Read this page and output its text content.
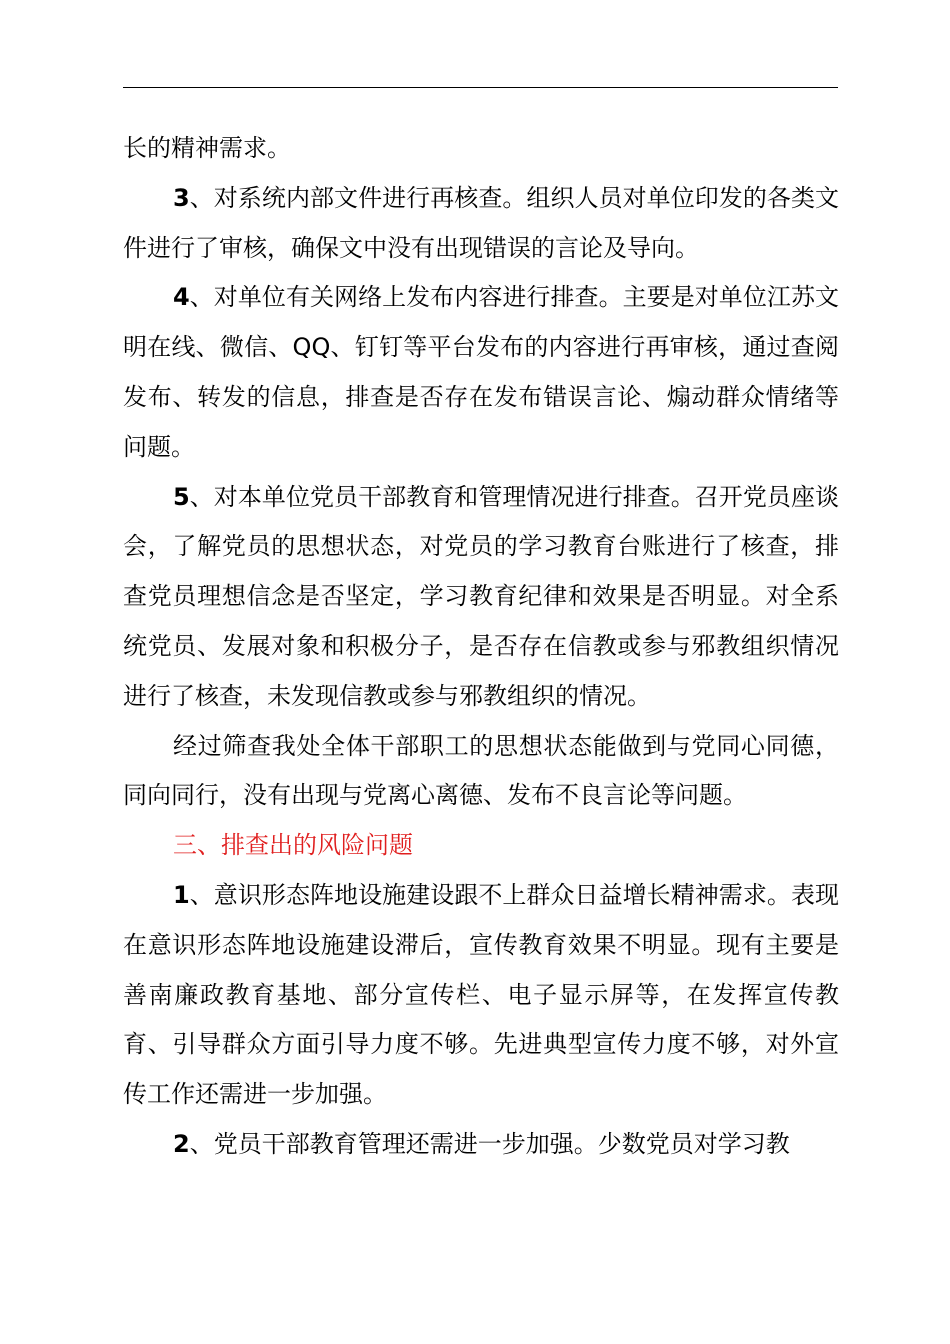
长的精神需求。

3、对系统内部文件进行再核查。组织人员对单位印发的各类文件进行了审核，确保文中没有出现错误的言论及导向。

4、对单位有关网络上发布内容进行排查。主要是对单位江苏文明在线、微信、QQ、钉钉等平台发布的内容进行再审核，通过查阅发布、转发的信息，排查是否存在发布错误言论、煽动群众情绪等问题。

5、对本单位党员干部教育和管理情况进行排查。召开党员座谈会，了解党员的思想状态，对党员的学习教育台账进行了核查，排查党员理想信念是否坚定，学习教育纪律和效果是否明显。对全系统党员、发展对象和积极分子，是否存在信教或参与邪教组织情况进行了核查，未发现信教或参与邪教组织的情况。

经过筛查我处全体干部职工的思想状态能做到与党同心同德，同向同行，没有出现与党离心离德、发布不良言论等问题。

三、排查出的风险问题

1、意识形态阵地设施建设跟不上群众日益增长精神需求。表现在意识形态阵地设施建设滞后，宣传教育效果不明显。现有主要是善南廉政教育基地、部分宣传栏、电子显示屏等，在发挥宣传教育、引导群众方面引导力度不够。先进典型宣传力度不够，对外宣传工作还需进一步加强。

2、党员干部教育管理还需进一步加强。少数党员对学习教
